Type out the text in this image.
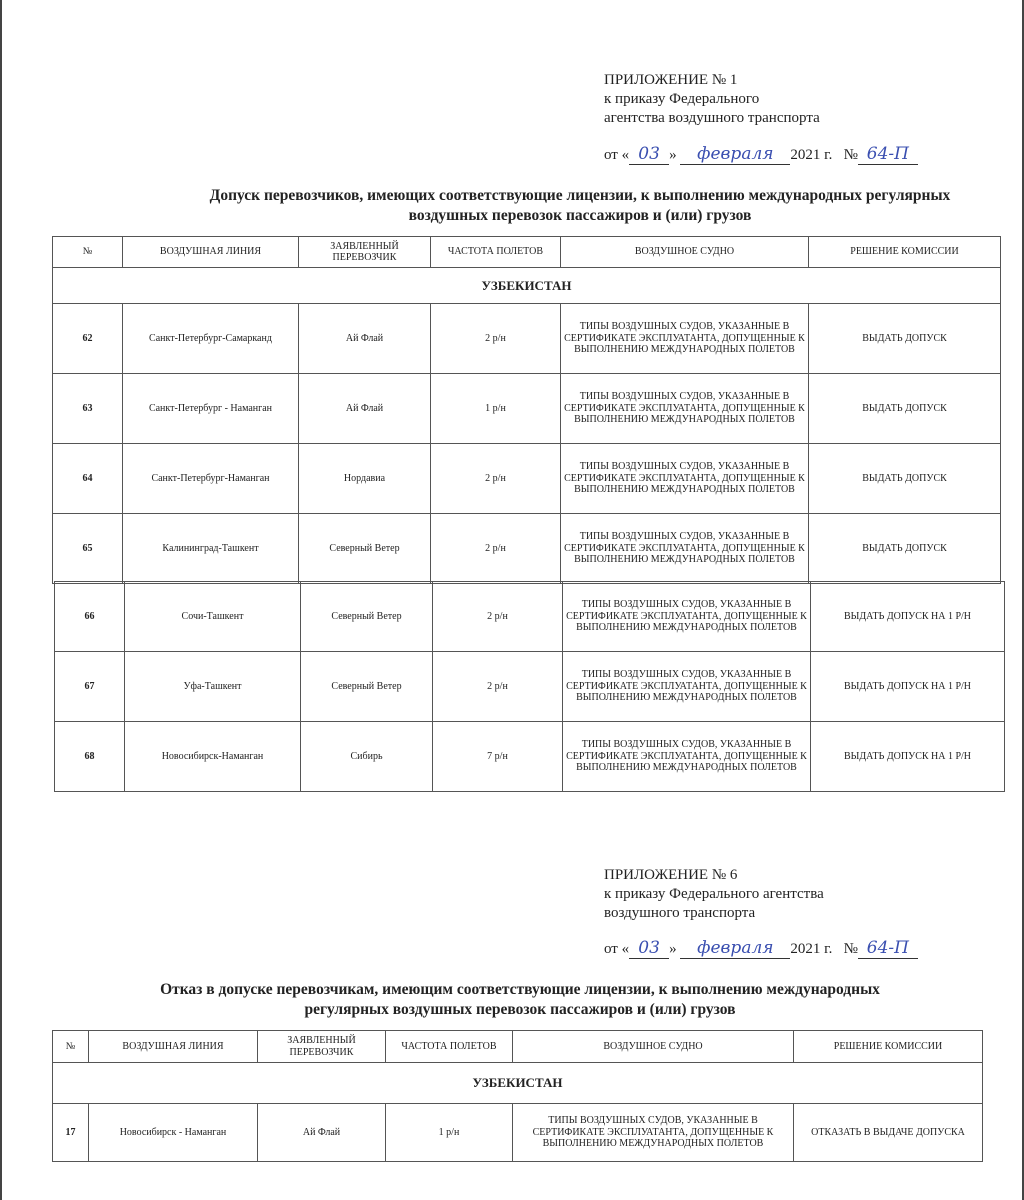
ПРИЛОЖЕНИЕ № 1
к приказу Федерального
агентства воздушного транспорта
от « 03 » февраля 2021 г. № 64-П
Допуск перевозчиков, имеющих соответствующие лицензии, к выполнению международных регулярных
воздушных перевозок пассажиров и (или) грузов
№	ВОЗДУШНАЯ ЛИНИЯ	ЗАЯВЛЕННЫЙ ПЕРЕВОЗЧИК	ЧАСТОТА ПОЛЕТОВ	ВОЗДУШНОЕ СУДНО	РЕШЕНИЕ КОМИССИИ
УЗБЕКИСТАН					
62	Санкт-Петербург-Самарканд	Ай Флай	2 р/н	ТИПЫ ВОЗДУШНЫХ СУДОВ, УКАЗАННЫЕ В СЕРТИФИКАТЕ ЭКСПЛУАТАНТА, ДОПУЩЕННЫЕ К ВЫПОЛНЕНИЮ МЕЖДУНАРОДНЫХ ПОЛЕТОВ	ВЫДАТЬ ДОПУСК
63	Санкт-Петербург - Наманган	Ай Флай	1 р/н	ТИПЫ ВОЗДУШНЫХ СУДОВ, УКАЗАННЫЕ В СЕРТИФИКАТЕ ЭКСПЛУАТАНТА, ДОПУЩЕННЫЕ К ВЫПОЛНЕНИЮ МЕЖДУНАРОДНЫХ ПОЛЕТОВ	ВЫДАТЬ ДОПУСК
64	Санкт-Петербург-Наманган	Нордавиа	2 р/н	ТИПЫ ВОЗДУШНЫХ СУДОВ, УКАЗАННЫЕ В СЕРТИФИКАТЕ ЭКСПЛУАТАНТА, ДОПУЩЕННЫЕ К ВЫПОЛНЕНИЮ МЕЖДУНАРОДНЫХ ПОЛЕТОВ	ВЫДАТЬ ДОПУСК
65	Калининград-Ташкент	Северный Ветер	2 р/н	ТИПЫ ВОЗДУШНЫХ СУДОВ, УКАЗАННЫЕ В СЕРТИФИКАТЕ ЭКСПЛУАТАНТА, ДОПУЩЕННЫЕ К ВЫПОЛНЕНИЮ МЕЖДУНАРОДНЫХ ПОЛЕТОВ	ВЫДАТЬ ДОПУСК
66	Сочи-Ташкент	Северный Ветер	2 р/н	ТИПЫ ВОЗДУШНЫХ СУДОВ, УКАЗАННЫЕ В СЕРТИФИКАТЕ ЭКСПЛУАТАНТА, ДОПУЩЕННЫЕ К ВЫПОЛНЕНИЮ МЕЖДУНАРОДНЫХ ПОЛЕТОВ	ВЫДАТЬ ДОПУСК НА 1 Р/Н
67	Уфа-Ташкент	Северный Ветер	2 р/н	ТИПЫ ВОЗДУШНЫХ СУДОВ, УКАЗАННЫЕ В СЕРТИФИКАТЕ ЭКСПЛУАТАНТА, ДОПУЩЕННЫЕ К ВЫПОЛНЕНИЮ МЕЖДУНАРОДНЫХ ПОЛЕТОВ	ВЫДАТЬ ДОПУСК НА 1 Р/Н
68	Новосибирск-Наманган	Сибирь	7 р/н	ТИПЫ ВОЗДУШНЫХ СУДОВ, УКАЗАННЫЕ В СЕРТИФИКАТЕ ЭКСПЛУАТАНТА, ДОПУЩЕННЫЕ К ВЫПОЛНЕНИЮ МЕЖДУНАРОДНЫХ ПОЛЕТОВ	ВЫДАТЬ ДОПУСК НА 1 Р/Н
ПРИЛОЖЕНИЕ № 6
к приказу Федерального агентства
воздушного транспорта
от « 03 » февраля 2021 г. № 64-П
Отказ в допуске перевозчикам, имеющим соответствующие лицензии, к выполнению международных
регулярных воздушных перевозок пассажиров и (или) грузов
№	ВОЗДУШНАЯ ЛИНИЯ	ЗАЯВЛЕННЫЙ ПЕРЕВОЗЧИК	ЧАСТОТА ПОЛЕТОВ	ВОЗДУШНОЕ СУДНО	РЕШЕНИЕ КОМИССИИ
УЗБЕКИСТАН					
17	Новосибирск - Наманган	Ай Флай	1 р/н	ТИПЫ ВОЗДУШНЫХ СУДОВ, УКАЗАННЫЕ В СЕРТИФИКАТЕ ЭКСПЛУАТАНТА, ДОПУЩЕННЫЕ К ВЫПОЛНЕНИЮ МЕЖДУНАРОДНЫХ ПОЛЕТОВ	ОТКАЗАТЬ В ВЫДАЧЕ ДОПУСКА
